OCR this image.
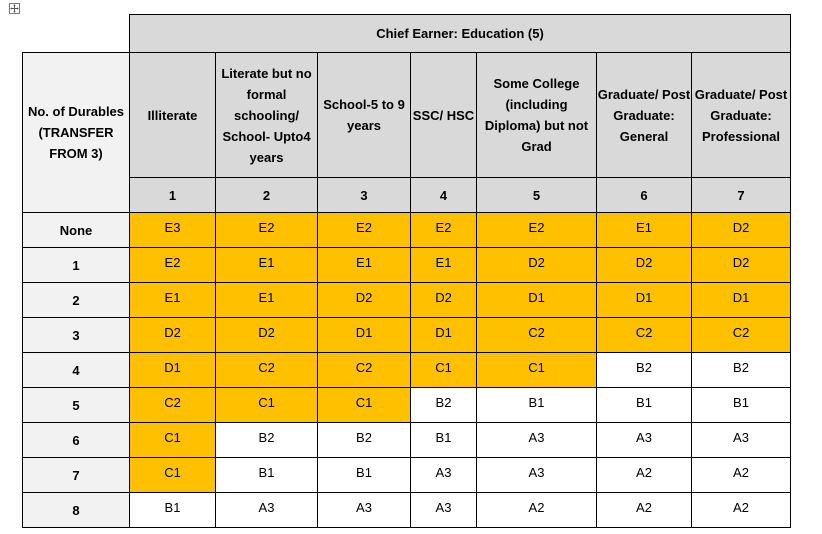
	Chief Earner: Education (5)						
No. of Durables (TRANSFER FROM 3)	Illiterate	Literate but no formal schooling/ School- Upto4 years	School-5 to 9 years	SSC/ HSC	Some College (including Diploma) but not Grad	Graduate/ Post Graduate: General	Graduate/ Post Graduate: Professional
	1	2	3	4	5	6	7
None	E3	E2	E2	E2	E2	E1	D2
1	E2	E1	E1	E1	D2	D2	D2
2	E1	E1	D2	D2	D1	D1	D1
3	D2	D2	D1	D1	C2	C2	C2
4	D1	C2	C2	C1	C1	B2	B2
5	C2	C1	C1	B2	B1	B1	B1
6	C1	B2	B2	B1	A3	A3	A3
7	C1	B1	B1	A3	A3	A2	A2
8	B1	A3	A3	A3	A2	A2	A2
